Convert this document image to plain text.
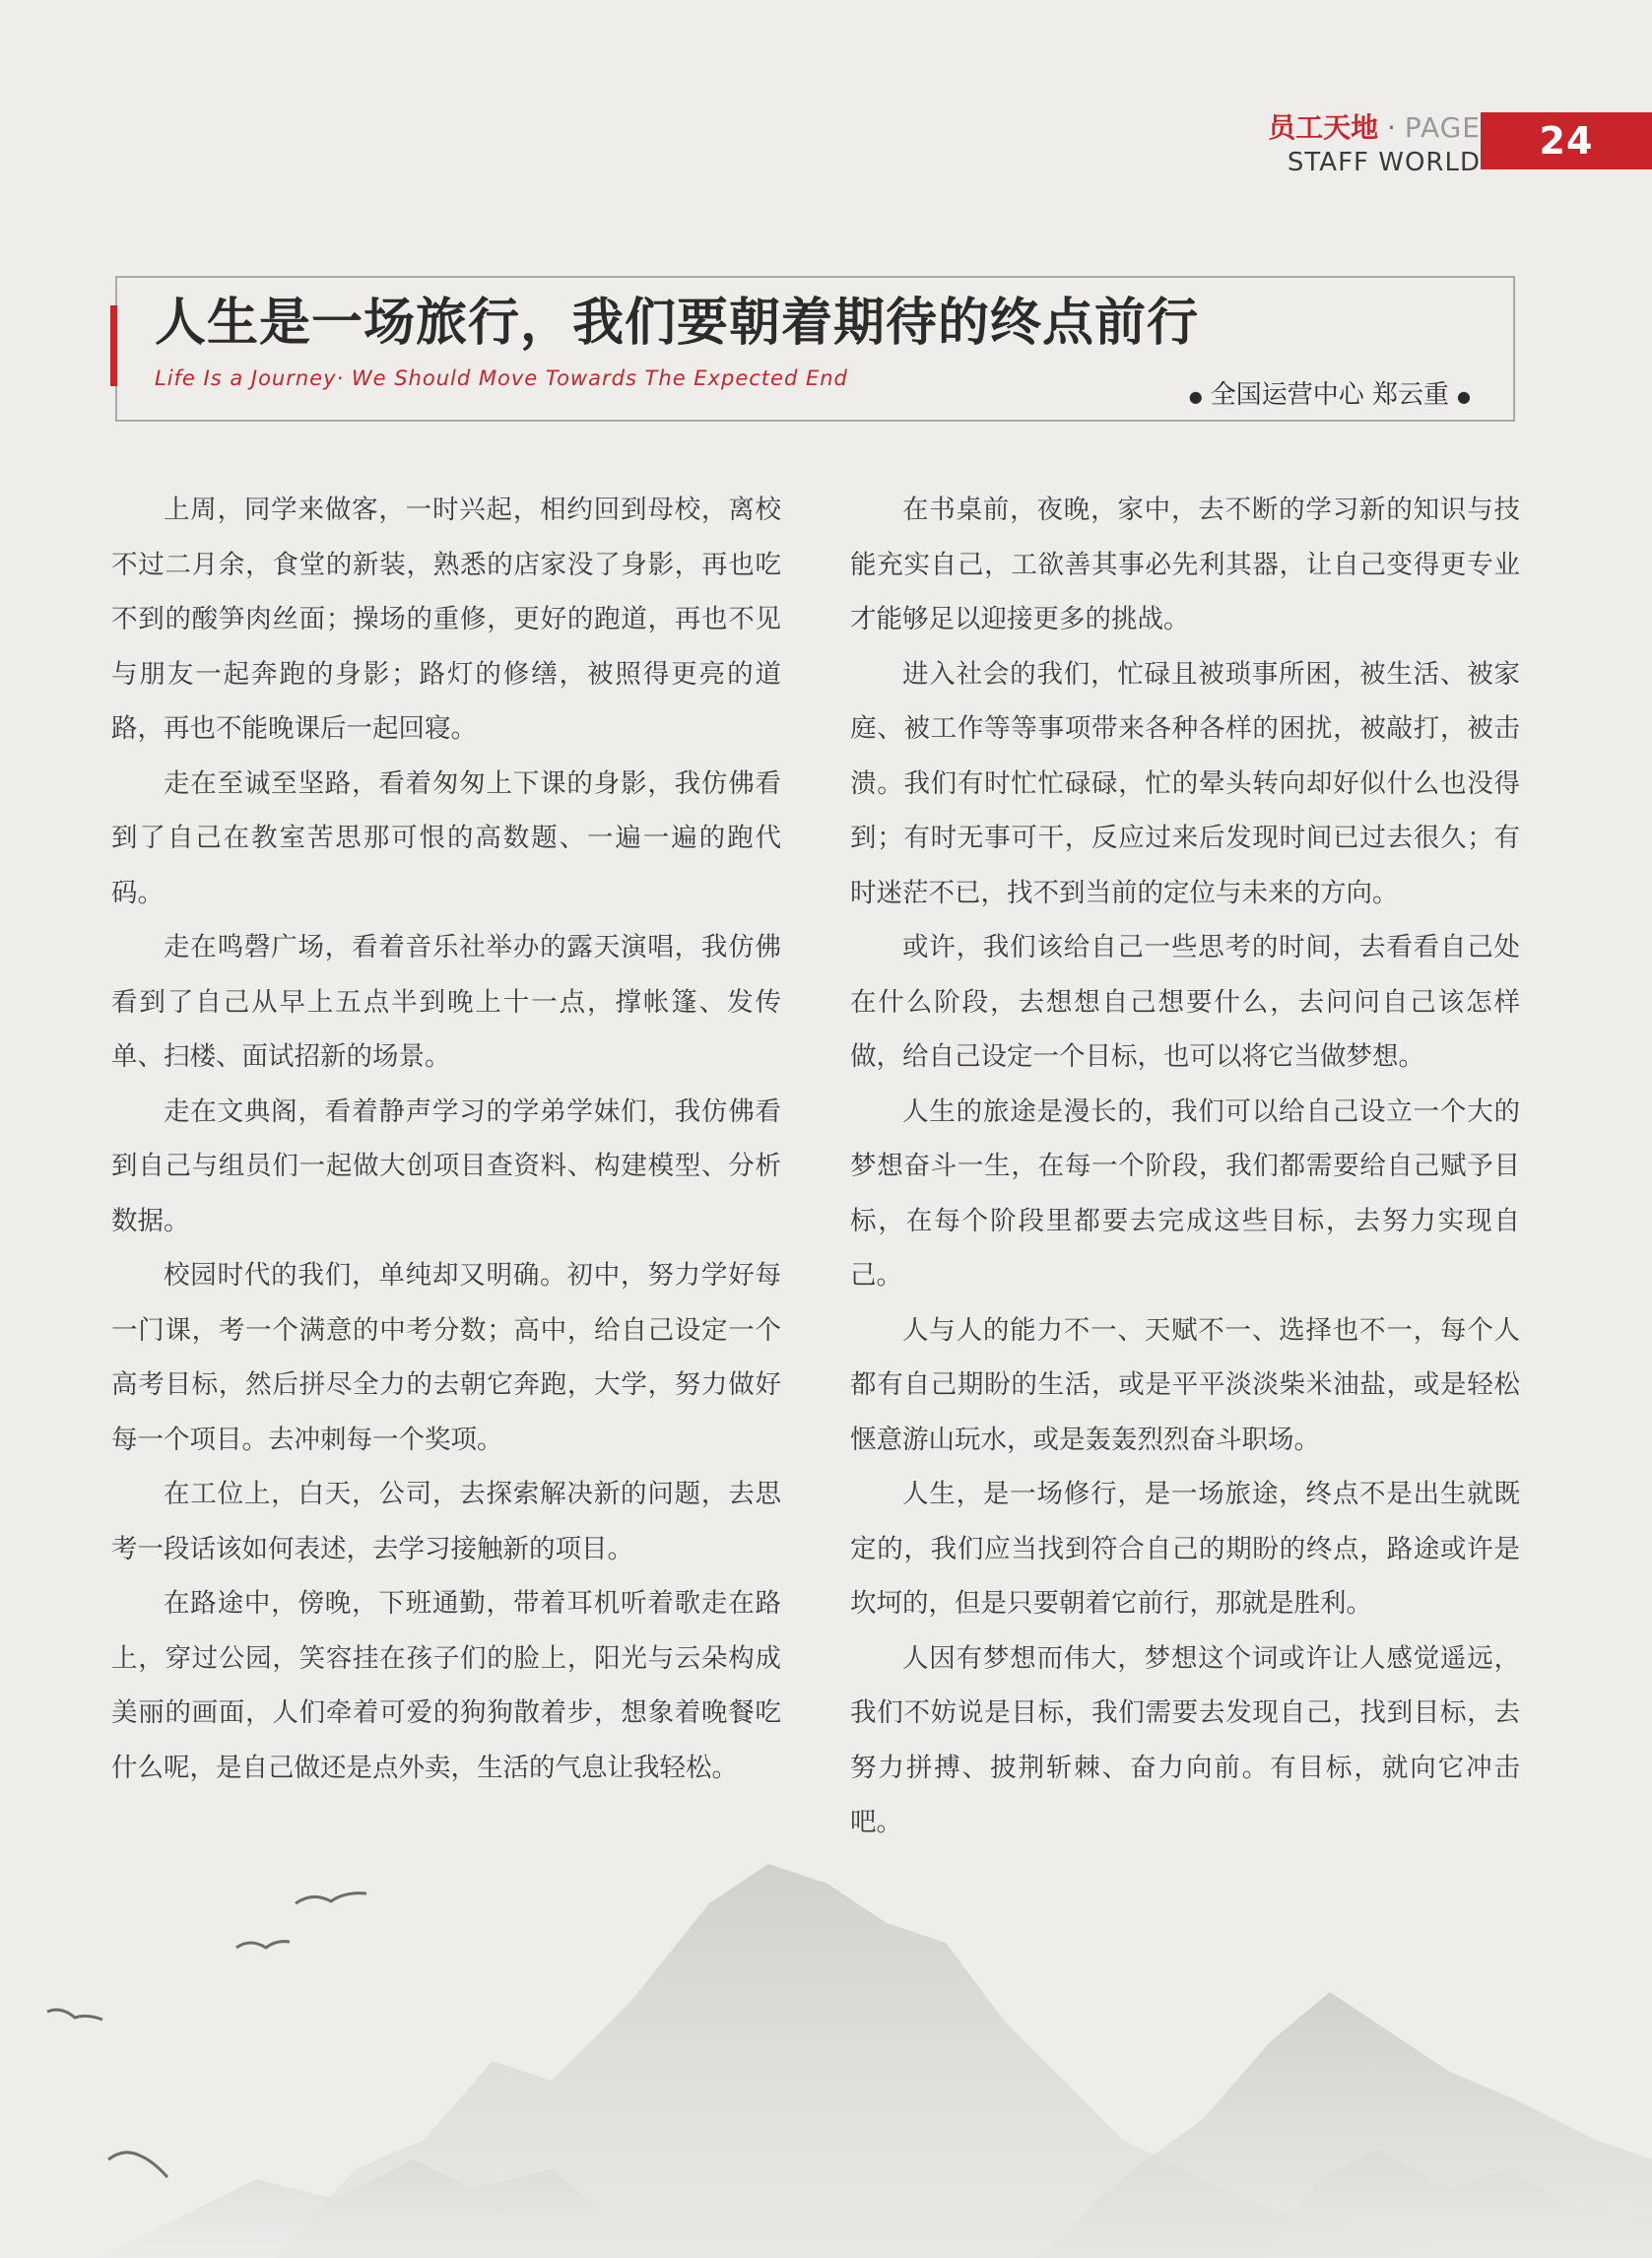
员工天地 · PAGE
STAFF WORLD	24
人生是一场旅行，我们要朝着期待的终点前行
Life Is a Journey· We Should Move Towards The Expected End
● 全国运营中心 郑云重 ●

上周，同学来做客，一时兴起，相约回到母校，离校不过二月余，食堂的新装，熟悉的店家没了身影，再也吃不到的酸笋肉丝面；操场的重修，更好的跑道，再也不见与朋友一起奔跑的身影；路灯的修缮，被照得更亮的道路，再也不能晚课后一起回寝。

走在至诚至坚路，看着匆匆上下课的身影，我仿佛看到了自己在教室苦思那可恨的高数题、一遍一遍的跑代码。

走在鸣磬广场，看着音乐社举办的露天演唱，我仿佛看到了自己从早上五点半到晚上十一点，撑帐篷、发传单、扫楼、面试招新的场景。

走在文典阁，看着静声学习的学弟学妹们，我仿佛看到自己与组员们一起做大创项目查资料、构建模型、分析数据。

校园时代的我们，单纯却又明确。初中，努力学好每一门课，考一个满意的中考分数；高中，给自己设定一个高考目标，然后拼尽全力的去朝它奔跑，大学，努力做好每一个项目。去冲刺每一个奖项。

在工位上，白天，公司，去探索解决新的问题，去思考一段话该如何表述，去学习接触新的项目。

在路途中，傍晚，下班通勤，带着耳机听着歌走在路上，穿过公园，笑容挂在孩子们的脸上，阳光与云朵构成美丽的画面，人们牵着可爱的狗狗散着步，想象着晚餐吃什么呢，是自己做还是点外卖，生活的气息让我轻松。

在书桌前，夜晚，家中，去不断的学习新的知识与技能充实自己，工欲善其事必先利其器，让自己变得更专业才能够足以迎接更多的挑战。

进入社会的我们，忙碌且被琐事所困，被生活、被家庭、被工作等等事项带来各种各样的困扰，被敲打，被击溃。我们有时忙忙碌碌，忙的晕头转向却好似什么也没得到；有时无事可干，反应过来后发现时间已过去很久；有时迷茫不已，找不到当前的定位与未来的方向。

或许，我们该给自己一些思考的时间，去看看自己处在什么阶段，去想想自己想要什么，去问问自己该怎样做，给自己设定一个目标，也可以将它当做梦想。

人生的旅途是漫长的，我们可以给自己设立一个大的梦想奋斗一生，在每一个阶段，我们都需要给自己赋予目标，在每个阶段里都要去完成这些目标，去努力实现自己。

人与人的能力不一、天赋不一、选择也不一，每个人都有自己期盼的生活，或是平平淡淡柴米油盐，或是轻松惬意游山玩水，或是轰轰烈烈奋斗职场。

人生，是一场修行，是一场旅途，终点不是出生就既定的，我们应当找到符合自己的期盼的终点，路途或许是坎坷的，但是只要朝着它前行，那就是胜利。

人因有梦想而伟大，梦想这个词或许让人感觉遥远，我们不妨说是目标，我们需要去发现自己，找到目标，去努力拼搏、披荆斩棘、奋力向前。有目标，就向它冲击吧。
